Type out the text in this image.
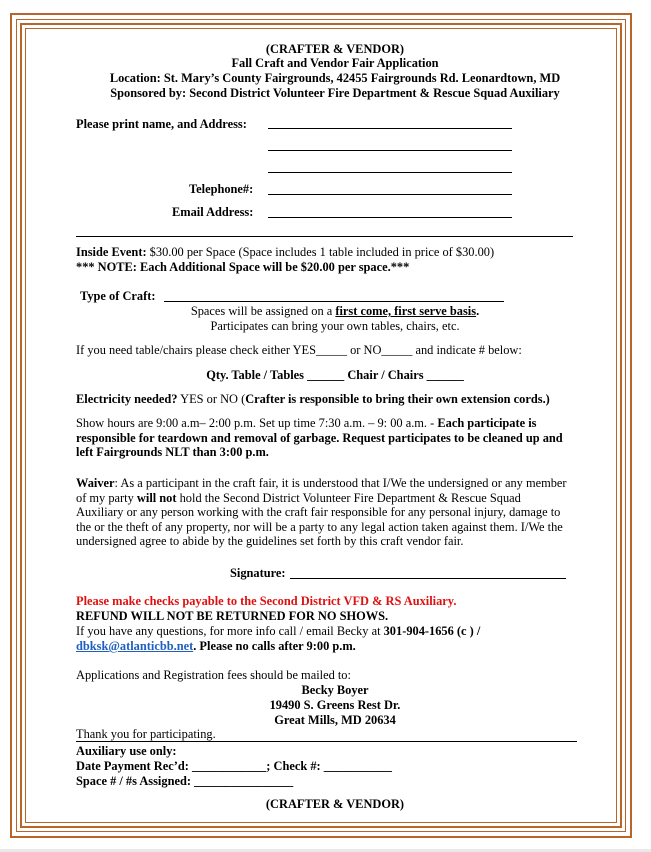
(CRAFTER & VENDOR)
Fall Craft and Vendor Fair Application
Location: St. Mary’s County Fairgrounds, 42455 Fairgrounds Rd. Leonardtown, MD
Sponsored by: Second District Volunteer Fire Department & Rescue Squad Auxiliary
Please print name, and Address:
Telephone#:
Email Address:
Inside Event: $30.00 per Space (Space includes 1 table included in price of $30.00)
*** NOTE: Each Additional Space will be $20.00 per space.***
Type of Craft:
Spaces will be assigned on a first come, first serve basis.
Participates can bring your own tables, chairs, etc.
If you need table/chairs please check either YES_____ or NO_____ and indicate # below:
Qty. Table / Tables ______ Chair / Chairs ______
Electricity needed? YES or NO (Crafter is responsible to bring their own extension cords.)
Show hours are 9:00 a.m– 2:00 p.m. Set up time 7:30 a.m. – 9: 00 a.m. - Each participate is responsible for teardown and removal of garbage. Request participates to be cleaned up and left Fairgrounds NLT than 3:00 p.m.
Waiver: As a participant in the craft fair, it is understood that I/We the undersigned or any member of my party will not hold the Second District Volunteer Fire Department & Rescue Squad Auxiliary or any person working with the craft fair responsible for any personal injury, damage to the or the theft of any property, nor will be a party to any legal action taken against them. I/We the undersigned agree to abide by the guidelines set forth by this craft vendor fair.
Signature:
Please make checks payable to the Second District VFD & RS Auxiliary.
REFUND WILL NOT BE RETURNED FOR NO SHOWS.
If you have any questions, for more info call / email Becky at 301-904-1656 (c ) /
dbksk@atlanticbb.net. Please no calls after 9:00 p.m.
Applications and Registration fees should be mailed to:
Becky Boyer
19490 S. Greens Rest Dr.
Great Mills, MD 20634
Thank you for participating.
Auxiliary use only:
Date Payment Rec’d: ____________; Check #: ___________
Space # / #s Assigned: ________________
(CRAFTER & VENDOR)
